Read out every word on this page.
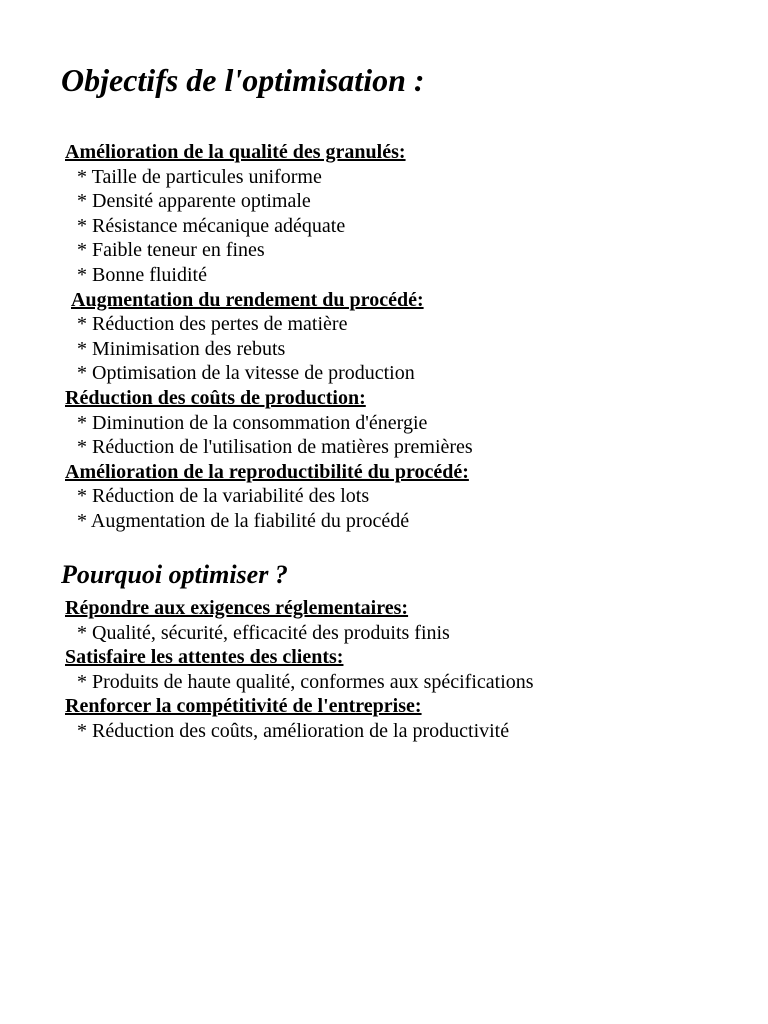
Objectifs de l'optimisation :
Amélioration de la qualité des granulés:
* Taille de particules uniforme
* Densité apparente optimale
* Résistance mécanique adéquate
* Faible teneur en fines
* Bonne fluidité
Augmentation du rendement du procédé:
* Réduction des pertes de matière
* Minimisation des rebuts
* Optimisation de la vitesse de production
Réduction des coûts de production:
* Diminution de la consommation d'énergie
* Réduction de l'utilisation de matières premières
Amélioration de la reproductibilité du procédé:
* Réduction de la variabilité des lots
* Augmentation de la fiabilité du procédé
Pourquoi optimiser ?
Répondre aux exigences réglementaires:
* Qualité, sécurité, efficacité des produits finis
Satisfaire les attentes des clients:
* Produits de haute qualité, conformes aux spécifications
Renforcer la compétitivité de l'entreprise:
* Réduction des coûts, amélioration de la productivité
